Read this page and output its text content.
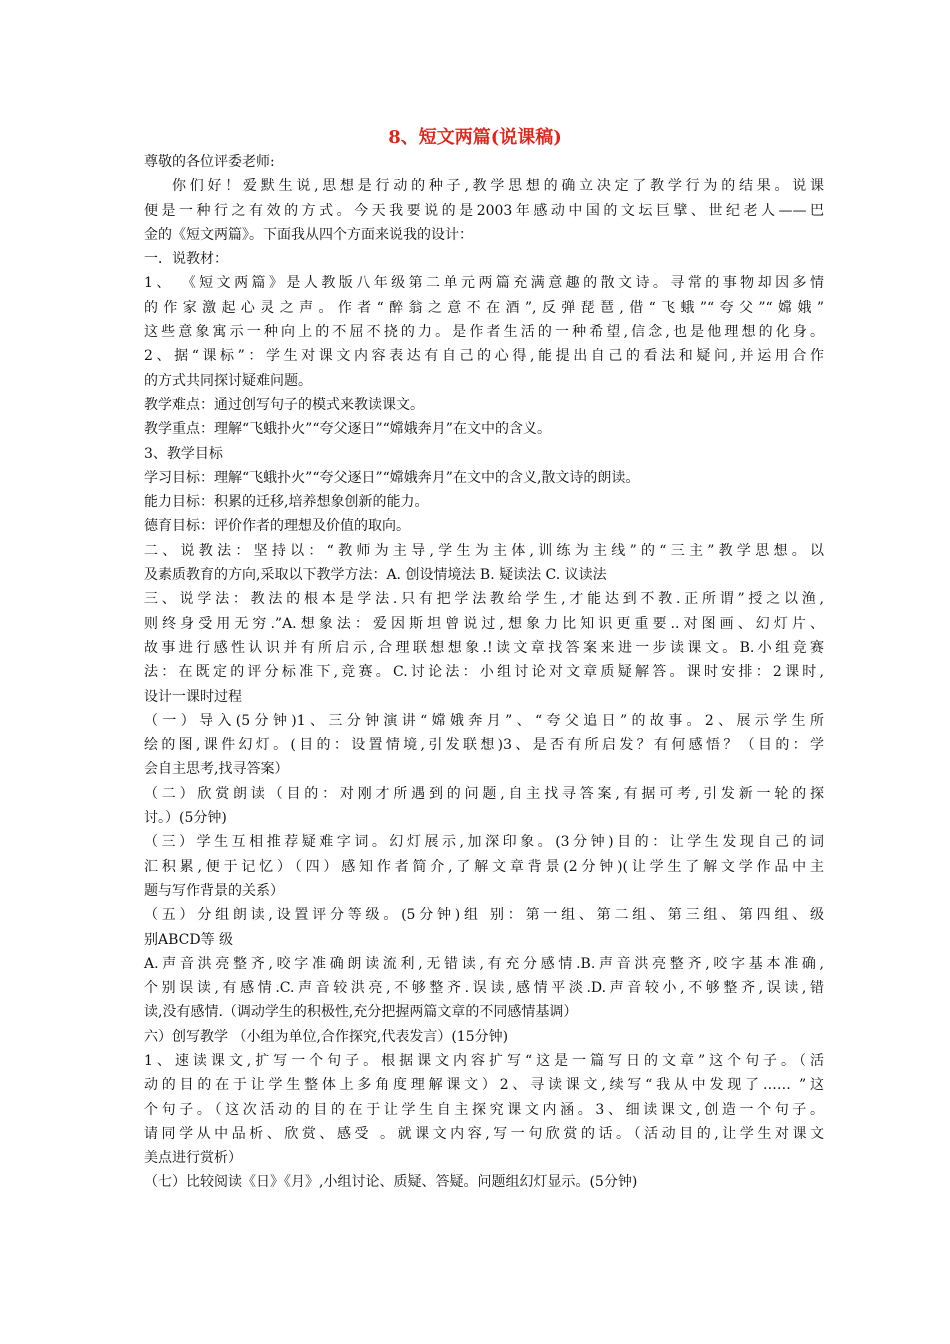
8、短文两篇(说课稿)
尊敬的各位评委老师:
你们好！爱默生说,思想是行动的种子,教学思想的确立决定了教学行为的结果。说课
便是一种行之有效的方式。今天我要说的是2003年感动中国的文坛巨擘、世纪老人——巴
金的《短文两篇》。下面我从四个方面来说我的设计：
一．说教材：
1、 《短文两篇》是人教版八年级第二单元两篇充满意趣的散文诗。寻常的事物却因多情
的作家激起心灵之声。作者“醉翁之意不在酒”,反弹琵琶,借“飞蛾”“夸父”“嫦娥”
这些意象寓示一种向上的不屈不挠的力。是作者生活的一种希望,信念,也是他理想的化身。
2、据“课标”：学生对课文内容表达有自己的心得,能提出自己的看法和疑问,并运用合作
的方式共同探讨疑难问题。
教学难点：通过创写句子的模式来教读课文。
教学重点：理解“飞蛾扑火”“夸父逐日”“嫦娥奔月”在文中的含义。
3、教学目标
学习目标：理解“飞蛾扑火”“夸父逐日”“嫦娥奔月”在文中的含义,散文诗的朗读。
能力目标：积累的迁移,培养想象创新的能力。
德育目标：评价作者的理想及价值的取向。
二、说教法：坚持以：“教师为主导,学生为主体,训练为主线”的“三主”教学思想。以
及素质教育的方向,采取以下教学方法：A. 创设情境法 B. 疑读法 C. 议读法
三、说学法：教法的根本是学法.只有把学法教给学生,才能达到不教.正所谓”授之以渔,
则终身受用无穷.”A.想象法：爱因斯坦曾说过,想象力比知识更重要..对图画、幻灯片、
故事进行感性认识并有所启示,合理联想想象.!读文章找答案来进一步读课文。B.小组竞赛
法：在既定的评分标准下,竞赛。C.讨论法：小组讨论对文章质疑解答。课时安排：2课时,
设计一课时过程
（一）导入(5分钟)1、三分钟演讲“嫦娥奔月”、“夸父追日”的故事。2、展示学生所
绘的图,课件幻灯。(目的：设置情境,引发联想)3、是否有所启发？有何感悟？（目的：学
会自主思考,找寻答案）
（二）欣赏朗读（目的：对刚才所遇到的问题,自主找寻答案,有据可考,引发新一轮的探
讨。）(5分钟)
（三）学生互相推荐疑难字词。幻灯展示,加深印象。(3分钟)目的：让学生发现自己的词
汇积累,便于记忆）（四）感知作者简介,了解文章背景(2分钟)(让学生了解文学作品中主
题与写作背景的关系）
（五）分组朗读,设置评分等级。(5分钟)组 别：第一组、第二组、第三组、第四组、级
别ABCD等 级
A.声音洪亮整齐,咬字准确朗读流利,无错读,有充分感情.B.声音洪亮整齐,咬字基本准确,
个别误读,有感情.C.声音较洪亮,不够整齐.误读,感情平淡.D.声音较小,不够整齐,误读,错
读,没有感情.（调动学生的积极性,充分把握两篇文章的不同感情基调）
六）创写教学 （小组为单位,合作探究,代表发言）(15分钟)
1、速读课文,扩写一个句子。根据课文内容扩写“这是一篇写日的文章”这个句子。（活
动的目的在于让学生整体上多角度理解课文）2、寻读课文,续写“我从中发现了…… ”这
个句子。（这次活动的目的在于让学生自主探究课文内涵。3、细读课文,创造一个句子。
请同学从中品析、欣赏、感受 。就课文内容,写一句欣赏的话。（活动目的,让学生对课文
美点进行赏析）
（七）比较阅读《日》《月》,小组讨论、质疑、答疑。问题组幻灯显示。(5分钟)
